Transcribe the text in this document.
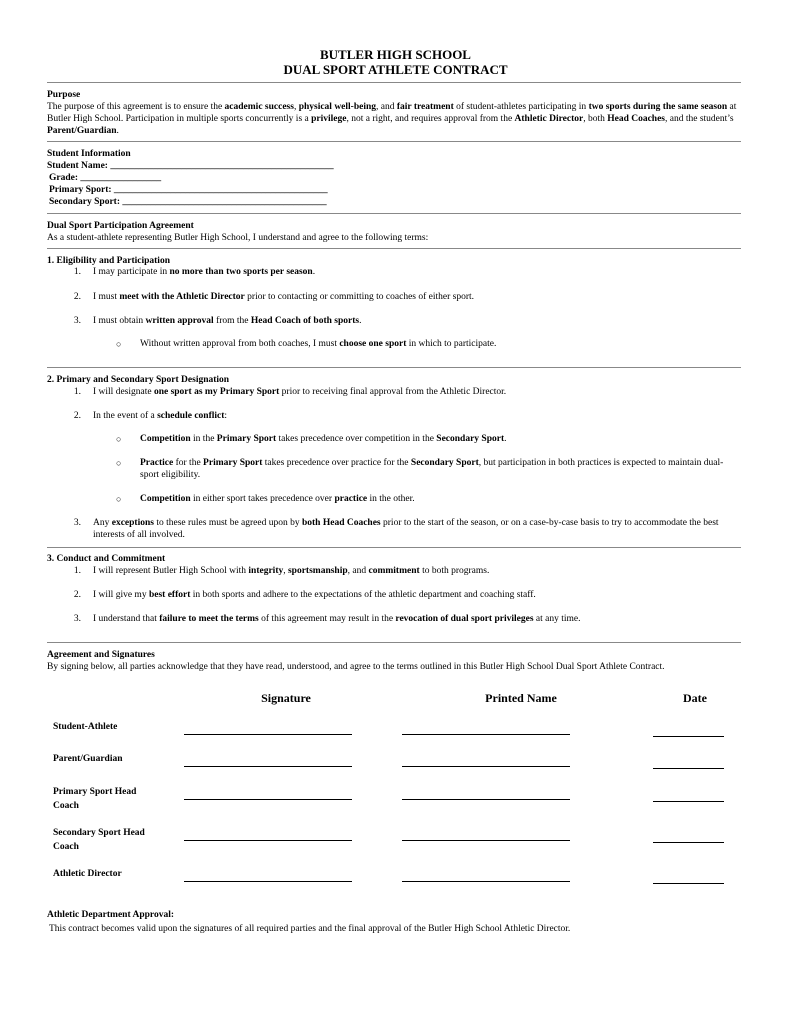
BUTLER HIGH SCHOOL
DUAL SPORT ATHLETE CONTRACT
Purpose
The purpose of this agreement is to ensure the academic success, physical well-being, and fair treatment of student-athletes participating in two sports during the same season at Butler High School. Participation in multiple sports concurrently is a privilege, not a right, and requires approval from the Athletic Director, both Head Coaches, and the student’s Parent/Guardian.
Student Information
Student Name: _______________________________________________
Grade: _________________
Primary Sport: _____________________________________________
Secondary Sport: ___________________________________________
Dual Sport Participation Agreement
As a student-athlete representing Butler High School, I understand and agree to the following terms:
1. Eligibility and Participation
1. I may participate in no more than two sports per season.
2. I must meet with the Athletic Director prior to contacting or committing to coaches of either sport.
3. I must obtain written approval from the Head Coach of both sports.
○ Without written approval from both coaches, I must choose one sport in which to participate.
2. Primary and Secondary Sport Designation
1. I will designate one sport as my Primary Sport prior to receiving final approval from the Athletic Director.
2. In the event of a schedule conflict:
○ Competition in the Primary Sport takes precedence over competition in the Secondary Sport.
○ Practice for the Primary Sport takes precedence over practice for the Secondary Sport, but participation in both practices is expected to maintain dual-sport eligibility.
○ Competition in either sport takes precedence over practice in the other.
3. Any exceptions to these rules must be agreed upon by both Head Coaches prior to the start of the season, or on a case-by-case basis to try to accommodate the best interests of all involved.
3. Conduct and Commitment
1. I will represent Butler High School with integrity, sportsmanship, and commitment to both programs.
2. I will give my best effort in both sports and adhere to the expectations of the athletic department and coaching staff.
3. I understand that failure to meet the terms of this agreement may result in the revocation of dual sport privileges at any time.
Agreement and Signatures
By signing below, all parties acknowledge that they have read, understood, and agree to the terms outlined in this Butler High School Dual Sport Athlete Contract.
Signature	Printed Name	Date
Student-Athlete
Parent/Guardian
Primary Sport Head Coach
Secondary Sport Head Coach
Athletic Director
Athletic Department Approval:
This contract becomes valid upon the signatures of all required parties and the final approval of the Butler High School Athletic Director.
